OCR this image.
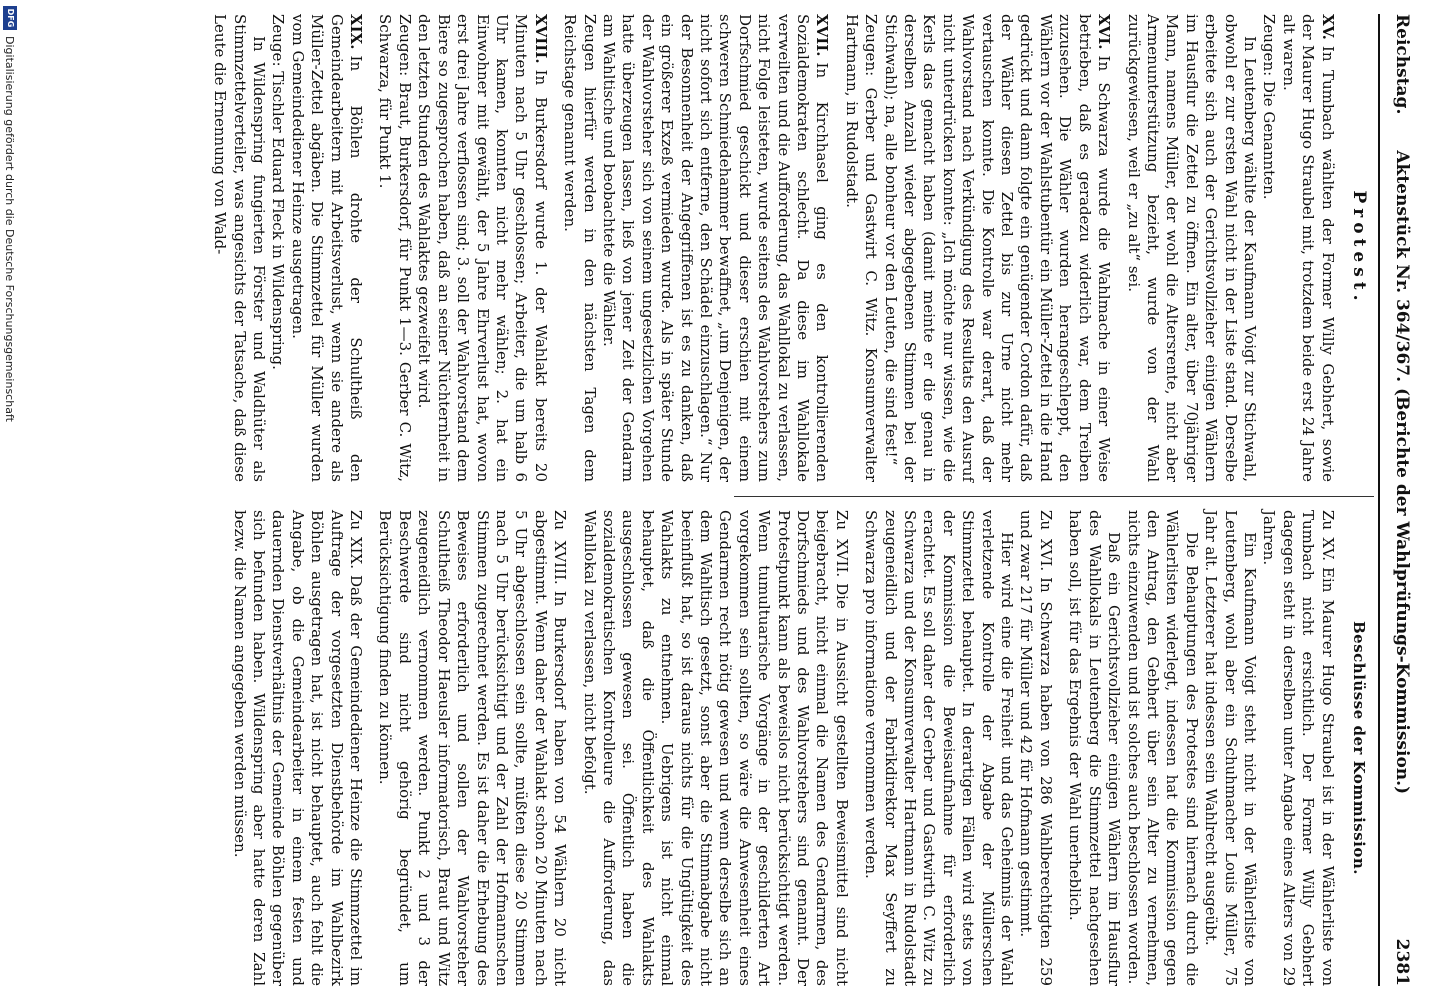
Reichstag.
Aktenstück Nr. 364/367. (Berichte der Wahlprüfungs-Kommission.)
2381
Protest.

XV.In Tumbach wählten der Former Willy Gebhert, sowie der Maurer Hugo Straubel mit, trotzdem beide erst 24 Jahre alt waren.

Zeugen: Die Genannten.

In Leutenberg wählte der Kaufmann Voigt zur Stichwahl, obwohl er zur ersten Wahl nicht in der Liste stand. Derselbe erbeitete sich auch der Gerichtsvollzieher einigen Wählern im Hausflur die Zettel zu öffnen. Ein alter, über 70jähriger Mann, namens Müller, der wohl die Altersrente, nicht aber Armenunterstützung bezieht, wurde von der Wahl zurückgewiesen, weil er „zu alt“ sei.

XVI.In Schwarza wurde die Wahlmache in einer Weise betrieben, daß es geradezu widerlich war, dem Treiben zuzusehen. Die Wähler wurden herangeschleppt, den Wählern vor der Wahlstubentür ein Müller-Zettel in die Hand gedrückt und dann folgte ein genügender Cordon dafür, daß der Wähler diesen Zettel bis zur Urne nicht mehr vertauschen konnte. Die Kontrolle war derart, daß der Wahlvorstand nach Verkündigung des Resultats den Ausruf nicht unterdrücken konnte: „Ich möchte nur wissen, wie die Kerls das gemacht haben (damit meinte er die genau in derselben Anzahl wieder abgegebenen Stimmen bei der Stichwahl); na, alle bonheur vor den Leuten, die sind fest!“

Zeugen: Gerber und Gastwirt C. Witz. Konsumverwalter Hartmann, in Rudolstadt.

XVII.In Kirchhasel ging es den kontrollierenden Sozialdemokraten schlecht. Da diese im Wahllokale verweilten und die Aufforderung, das Wahllokal zu verlassen, nicht Folge leisteten, wurde seitens des Wahlvorstehers zum Dorfschmied geschickt und dieser erschien mit einem schweren Schmiedehammer bewaffnet, „um Denjenigen, der nicht sofort sich entferne, den Schädel einzuschlagen.“ Nur der Besonnenheit der Angegriffenen ist es zu danken, daß ein größerer Exzeß vermieden wurde. Als in später Stunde der Wahlvorsteher sich von seinem ungesetzlichen Vorgehen hatte überzeugen lassen, ließ von jener Zeit der Gendarm am Wahltische und beobachtete die Wähler.

Zeugen hierfür werden in den nächsten Tagen dem Reichstage genannt werden.

XVIII.In Burkersdorf wurde 1. der Wahlakt bereits 20 Minuten nach 5 Uhr geschlossen; Arbeiter, die um halb 6 Uhr kamen, konnten nicht mehr wählen; 2. hat ein Einwohner mit gewählt, der 5 Jahre Ehrverlust hat, wovon erst drei Jahre verflossen sind; 3. soll der Wahlvorstand dem Biere so zugesprochen haben, daß an seiner Nüchternheit in den letzten Stunden des Wahlaktes gezweifelt wird.

Zeugen: Braut, Burkersdorf, für Punkt 1—3. Gerber C. Witz, Schwarza, für Punkt 1.

XIX.In Böhlen drohte der Schultheiß den Gemeindearbeitern mit Arbeitsverlust, wenn sie andere als Müller-Zettel abgäben. Die Stimmzettel für Müller wurden vom Gemeindediener Heinze ausgetragen.

Zeuge: Tischler Eduard Fleck in Wildenspring.

In Wildenspring fungierten Förster und Waldhüter als Stimmzettelverteiler, was angesichts der Tatsache, daß diese Leute die Ernennung von Wald-

Beschlüsse der Kommission.

Zu XV.Ein Maurer Hugo Straubel ist in der Wählerliste von Tumbach nicht ersichtlich. Der Former Willy Gebhert dagegen steht in derselben unter Angabe eines Alters von 29 Jahren.

Ein Kaufmann Voigt steht nicht in der Wählerliste von Leutenberg, wohl aber ein Schuhmacher Louis Müller, 75 Jahr alt. Letzterer hat indessen sein Wahlrecht ausgeübt.

Die Behauptungen des Protestes sind hiernach durch die Wählerlisten widerlegt, indessen hat die Kommission gegen den Antrag, den Gebhert über sein Alter zu vernehmen, nichts einzuwenden und ist solches auch beschlossen worden.

Daß ein Gerichtsvollzieher einigen Wählern im Hausflur des Wahllokals in Leutenberg die Stimmzettel nachgesehen haben soll, ist für das Ergebnis der Wahl unerheblich.

Zu XVI.In Schwarza haben von 286 Wahlberechtigten 259 und zwar 217 für Müller und 42 für Hofmann gestimmt.

Hier wird eine die Freiheit und das Geheimnis der Wahl verletzende Kontrolle der Abgabe der Müllerschen Stimmzettel behauptet. In derartigen Fällen wird stets von der Kommission die Beweisaufnahme für erforderlich erachtet. Es soll daher der Gerber und Gastwirth C. Witz zu Schwarza und der Konsumverwalter Hartmann in Rudolstadt zeugeneidlich und der Fabrikdirektor Max Seyffert zu Schwarza pro informatione vernommen werden.

Zu XVII.Die in Aussicht gestellten Beweismittel sind nicht beigebracht, nicht einmal die Namen des Gendarmen, des Dorfschmieds und des Wahlvorstehers sind genannt. Der Protestpunkt kann als beweislos nicht berücksichtigt werden. Wenn tumultuarische Vorgänge in der geschilderten Art vorgekommen sein sollten, so wäre die Anwesenheit eines Gendarmen recht nötig gewesen und wenn derselbe sich an dem Wahltisch gesetzt, sonst aber die Stimmabgabe nicht beeinflußt hat, so ist daraus nichts für die Ungültigkeit des Wahlakts zu entnehmen. Uebrigens ist nicht einmal behauptet, daß die Öffentlichkeit des Wahlakts ausgeschlossen gewesen sei. Öffentlich haben die sozialdemokratischen Kontrolleure die Aufforderung, das Wahllokal zu verlassen, nicht befolgt.

Zu XVIII.In Burkersdorf haben von 54 Wählern 20 nicht abgestimmt. Wenn daher der Wahlakt schon 20 Minuten nach 5 Uhr abgeschlossen sein sollte, müßten diese 20 Stimmen nach 5 Uhr berücksichtigt und der Zahl der Hofmannschen Stimmen zugerechnet werden. Es ist daher die Erhebung des Beweises erforderlich und sollen der Wahlvorsteher Schultheiß Theodor Haeusler informatorisch, Braut und Witz zeugeneidlich vernommen werden. Punkt 2 und 3 der Beschwerde sind nicht gehörig begründet, um Berücksichtigung finden zu können.

Zu XIX.Daß der Gemeindediener Heinze die Stimmzettel im Auftrage der vorgesetzten Dienstbehörde im Wahlbezirk Böhlen ausgetragen hat, ist nicht behauptet, auch fehlt die Angabe, ob die Gemeindearbeiter in einem festen und dauernden Dienstverhältnis der Gemeinde Böhlen gegenüber sich befunden haben. Wildenspring aber hatte deren Zahl bezw. die Namen angegeben werden müssen.

DFG
Digitalisierung gefördert durch die Deutsche Forschungsgemeinschaft
